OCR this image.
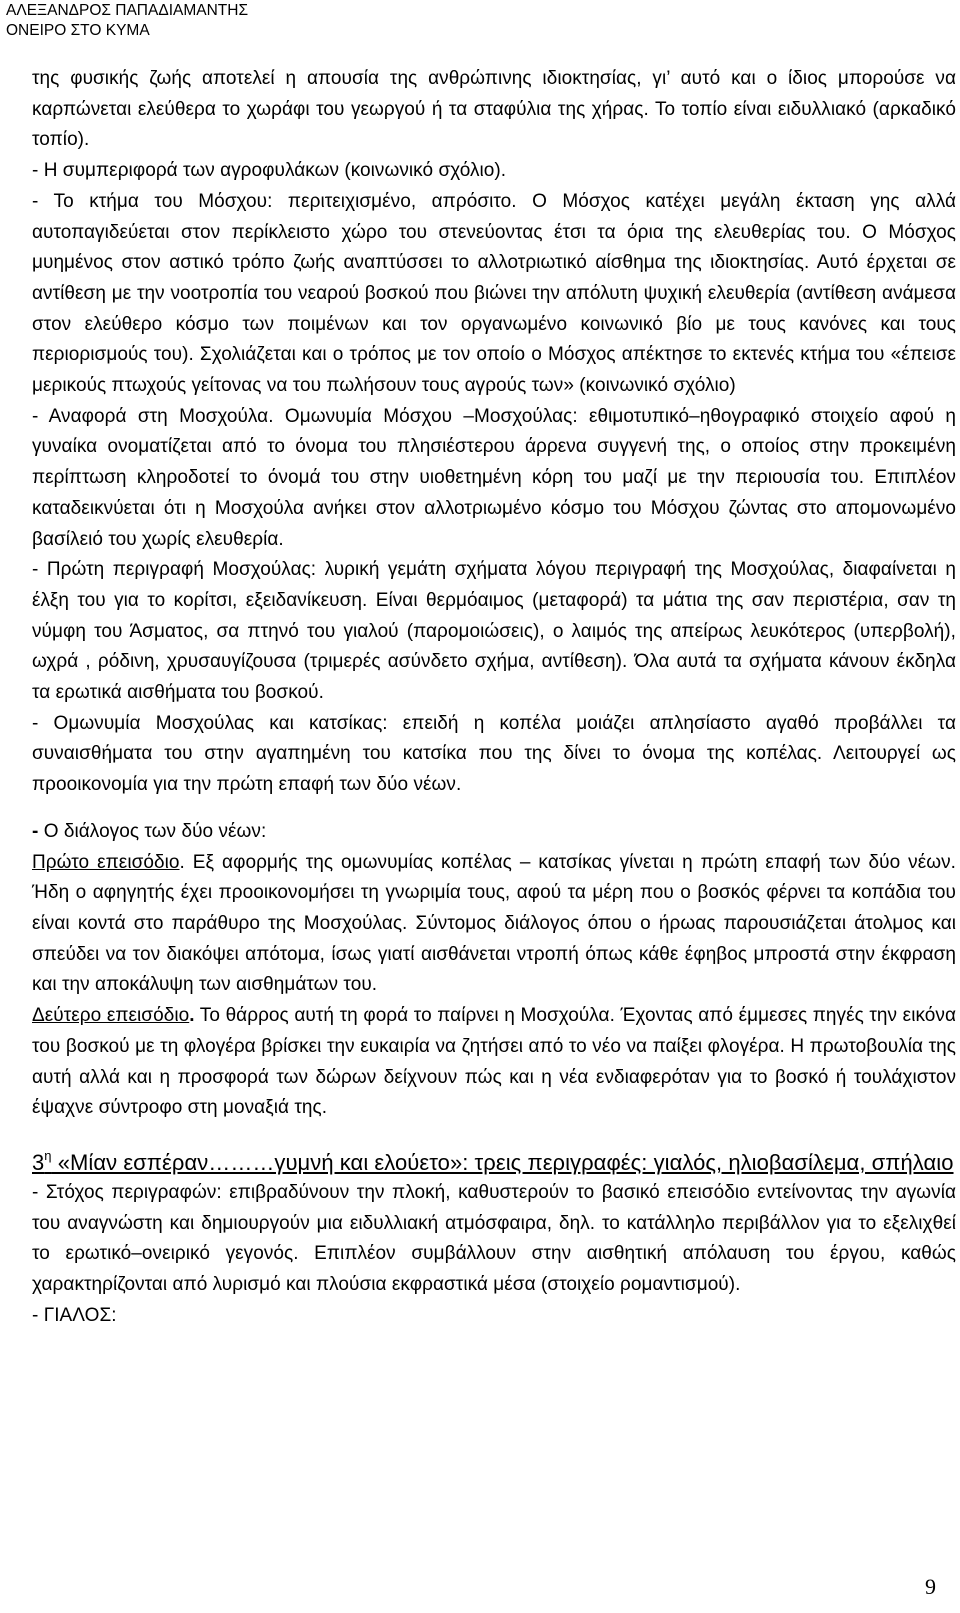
ΑΛΕΞΑΝΔΡΟΣ ΠΑΠΑΔΙΑΜΑΝΤΗΣ
ΟΝΕΙΡΟ ΣΤΟ ΚΥΜΑ

της φυσικής ζωής αποτελεί η απουσία της ανθρώπινης ιδιοκτησίας, γι’ αυτό και ο ίδιος μπορούσε να καρπώνεται ελεύθερα το χωράφι του γεωργού ή τα σταφύλια της χήρας. Το τοπίο είναι ειδυλλιακό (αρκαδικό τοπίο).

- Η συμπεριφορά των αγροφυλάκων (κοινωνικό σχόλιο).

- Το κτήμα του Μόσχου: περιτειχισμένο, απρόσιτο. Ο Μόσχος κατέχει μεγάλη έκταση γης αλλά αυτοπαγιδεύεται στον περίκλειστο χώρο του στενεύοντας έτσι τα όρια της ελευθερίας του. Ο Μόσχος μυημένος στον αστικό τρόπο ζωής αναπτύσσει το αλλοτριωτικό αίσθημα της ιδιοκτησίας. Αυτό έρχεται σε αντίθεση με την νοοτροπία του νεαρού βοσκού που βιώνει την απόλυτη ψυχική ελευθερία (αντίθεση ανάμεσα στον ελεύθερο κόσμο των ποιμένων και τον οργανωμένο κοινωνικό βίο με τους κανόνες και τους περιορισμούς του). Σχολιάζεται και ο τρόπος με τον οποίο ο Μόσχος απέκτησε το εκτενές κτήμα του «έπεισε μερικούς πτωχούς γείτονας να του πωλήσουν τους αγρούς των» (κοινωνικό σχόλιο)

- Αναφορά στη Μοσχούλα. Ομωνυμία Μόσχου –Μοσχούλας: εθιμοτυπικό–ηθογραφικό στοιχείο αφού η γυναίκα ονοματίζεται από το όνομα του πλησιέστερου άρρενα συγγενή της, ο οποίος στην προκειμένη περίπτωση κληροδοτεί το όνομά του στην υιοθετημένη κόρη του μαζί με την περιουσία του. Επιπλέον καταδεικνύεται ότι η Μοσχούλα ανήκει στον αλλοτριωμένο κόσμο του Μόσχου ζώντας στο απομονωμένο βασίλειό του χωρίς ελευθερία.

- Πρώτη περιγραφή Μοσχούλας: λυρική γεμάτη σχήματα λόγου περιγραφή της Μοσχούλας, διαφαίνεται η έλξη του για το κορίτσι, εξειδανίκευση. Είναι θερμόαιμος (μεταφορά) τα μάτια της σαν περιστέρια, σαν τη νύμφη του Άσματος, σα πτηνό του γιαλού (παρομοιώσεις), ο λαιμός της απείρως λευκότερος (υπερβολή), ωχρά , ρόδινη, χρυσαυγίζουσα (τριμερές ασύνδετο σχήμα, αντίθεση). Όλα αυτά τα σχήματα κάνουν έκδηλα τα ερωτικά αισθήματα του βοσκού.

- Ομωνυμία Μοσχούλας και κατσίκας: επειδή η κοπέλα μοιάζει απλησίαστο αγαθό προβάλλει τα συναισθήματα του στην αγαπημένη του κατσίκα που της δίνει το όνομα της κοπέλας. Λειτουργεί ως προοικονομία για την πρώτη επαφή των δύο νέων.

- Ο διάλογος των δύο νέων:

Πρώτο επεισόδιο. Εξ αφορμής της ομωνυμίας κοπέλας – κατσίκας γίνεται η πρώτη επαφή των δύο νέων. Ήδη ο αφηγητής έχει προοικονομήσει τη γνωριμία τους, αφού τα μέρη που ο βοσκός φέρνει τα κοπάδια του είναι κοντά στο παράθυρο της Μοσχούλας. Σύντομος διάλογος όπου ο ήρωας παρουσιάζεται άτολμος και σπεύδει να τον διακόψει απότομα, ίσως γιατί αισθάνεται ντροπή όπως κάθε έφηβος μπροστά στην έκφραση και την αποκάλυψη των αισθημάτων του.

Δεύτερο επεισόδιο. Το θάρρος αυτή τη φορά το παίρνει η Μοσχούλα. Έχοντας από έμμεσες πηγές την εικόνα του βοσκού με τη φλογέρα βρίσκει την ευκαιρία να ζητήσει από το νέο να παίξει φλογέρα. Η πρωτοβουλία της αυτή αλλά και η προσφορά των δώρων δείχνουν πώς και η νέα ενδιαφερόταν για το βοσκό ή τουλάχιστον έψαχνε σύντροφο στη μοναξιά της.

$3^\eta$ «Μίαν εσπέραν………γυμνή και ελούετο»: τρεις περιγραφές: γιαλός, ηλιοβασίλεμα, σπήλαιο

- Στόχος περιγραφών: επιβραδύνουν την πλοκή, καθυστερούν το βασικό επεισόδιο εντείνοντας την αγωνία του αναγνώστη και δημιουργούν μια ειδυλλιακή ατμόσφαιρα, δηλ. το κατάλληλο περιβάλλον για το εξελιχθεί το ερωτικό–ονειρικό γεγονός. Επιπλέον συμβάλλουν στην αισθητική απόλαυση του έργου, καθώς χαρακτηρίζονται από λυρισμό και πλούσια εκφραστικά μέσα (στοιχείο ρομαντισμού).

- ΓΙΑΛΟΣ:

9
